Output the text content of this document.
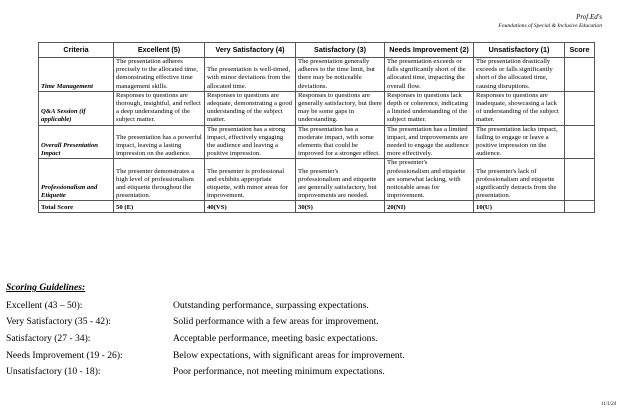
Prof.Ed's
Foundations of Special & Inclusive Education
Criteria	Excellent (5)	Very Satisfactory (4)	Satisfactory (3)	Needs Improvement (2)	Unsatisfactory (1)	Score
Time Management	The presentation adheres precisely to the allocated time, demonstrating effective time management skills.	The presentation is well-timed, with minor deviations from the allocated time.	The presentation generally adheres to the time limit, but there may be noticeable deviations.	The presentation exceeds or falls significantly short of the allocated time, impacting the overall flow.	The presentation drastically exceeds or falls significantly short of the allocated time, causing disruptions.	
Q&A Session (if applicable)	Responses to questions are thorough, insightful, and reflect a deep understanding of the subject matter.	Responses to questions are adequate, demonstrating a good understanding of the subject matter.	Responses to questions are generally satisfactory, but there may be some gaps in understanding.	Responses to questions lack depth or coherence, indicating a limited understanding of the subject matter.	Responses to questions are inadequate, showcasing a lack of understanding of the subject matter.	
Overall Presentation Impact	The presentation has a powerful impact, leaving a lasting impression on the audience.	The presentation has a strong impact, effectively engaging the audience and leaving a positive impression.	The presentation has a moderate impact, with some elements that could be improved for a stronger effect.	The presentation has a limited impact, and improvements are needed to engage the audience more effectively.	The presentation lacks impact, failing to engage or leave a positive impression on the audience.	
Professionalism and Etiquette	The presenter demonstrates a high level of professionalism and etiquette throughout the presentation.	The presenter is professional and exhibits appropriate etiquette, with minor areas for improvement.	The presenter's professionalism and etiquette are generally satisfactory, but improvements are needed.	The presenter's professionalism and etiquette are somewhat lacking, with noticeable areas for improvement.	The presenter's lack of professionalism and etiquette significantly detracts from the presentation.	
Total Score	50 (E)	40(VS)	30(S)	20(NI)	10(U)	
Scoring Guidelines:
Excellent (43 – 50):	Outstanding performance, surpassing expectations.
Very Satisfactory (35 - 42):	Solid performance with a few areas for improvement.
Satisfactory (27 - 34):	Acceptable performance, meeting basic expectations.
Needs Improvement (19 - 26):	Below expectations, with significant areas for improvement.
Unsatisfactory (10 - 18):	Poor performance, not meeting minimum expectations.
11/1/24
